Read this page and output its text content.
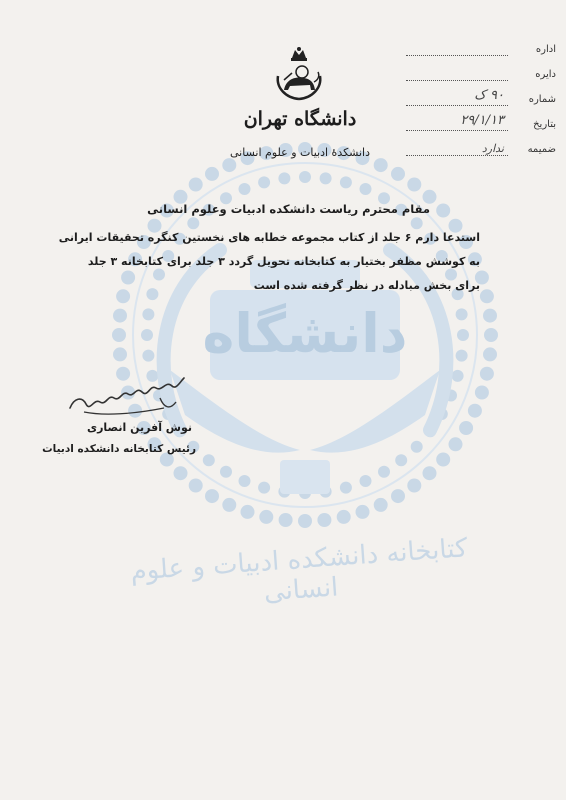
دانشگاه
کتابخانه دانشکده ادبیات و علوم انسانی
اداره
دایره
شماره
۹۰ ک
بتاریخ
۲۹/۱/۱۳
ضمیمه
ندارد
دانشگاه تهران
دانشکدهٔ ادبیات و علوم انسانی
مقام محترم ریاست دانشکده ادبیات وعلوم انسانی
استدعا دارم ۶ جلد از کتاب مجموعه خطابه های نخستین کنگره تحقیقات ایرانی
به کوشش مظفر بختیار به کتابخانه تحویل گردد ۳ جلد برای کتابخانه ۳ جلد
برای بخش مبادله در نظر گرفته شده است
نوش آفرین انصاری
رئیس کتابخانه دانشکده ادبیات
